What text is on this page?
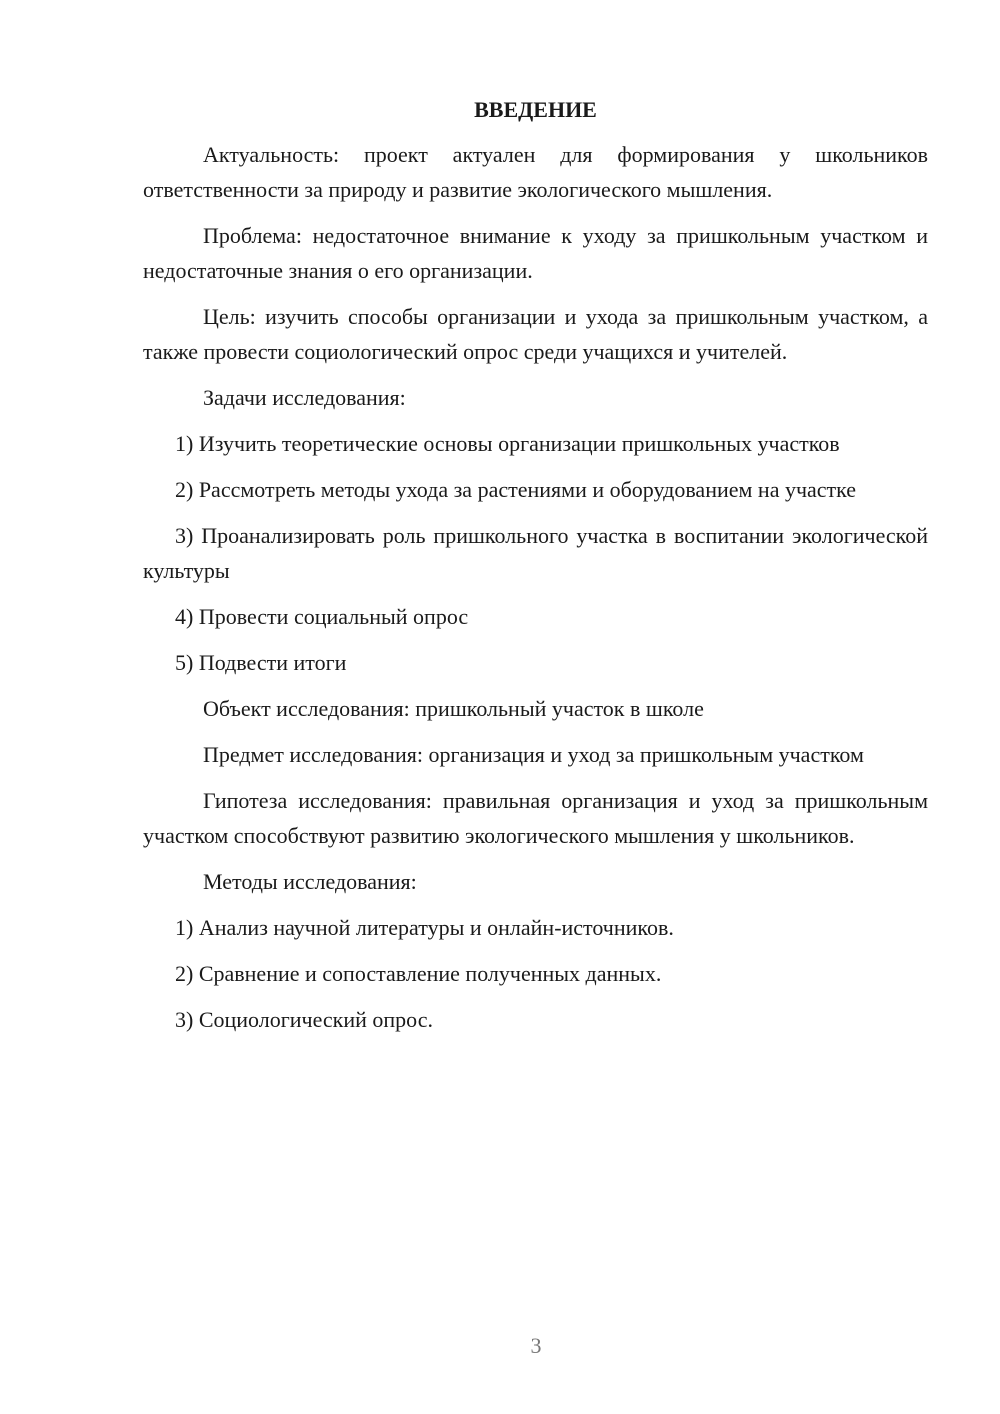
ВВЕДЕНИЕ

Актуальность: проект актуален для формирования у школьников ответственности за природу и развитие экологического мышления.

Проблема: недостаточное внимание к уходу за пришкольным участком и недостаточные знания о его организации.

Цель: изучить способы организации и ухода за пришкольным участком, а также провести социологический опрос среди учащихся и учителей.

Задачи исследования:

1) Изучить теоретические основы организации пришкольных участков

2) Рассмотреть методы ухода за растениями и оборудованием на участке

3) Проанализировать роль пришкольного участка в воспитании экологической культуры

4) Провести социальный опрос

5) Подвести итоги

Объект исследования: пришкольный участок в школе

Предмет исследования: организация и уход за пришкольным участком

Гипотеза исследования: правильная организация и уход за пришкольным участком способствуют развитию экологического мышления у школьников.

Методы исследования:

1) Анализ научной литературы и онлайн-источников.

2) Сравнение и сопоставление полученных данных.

3) Социологический опрос.

3
